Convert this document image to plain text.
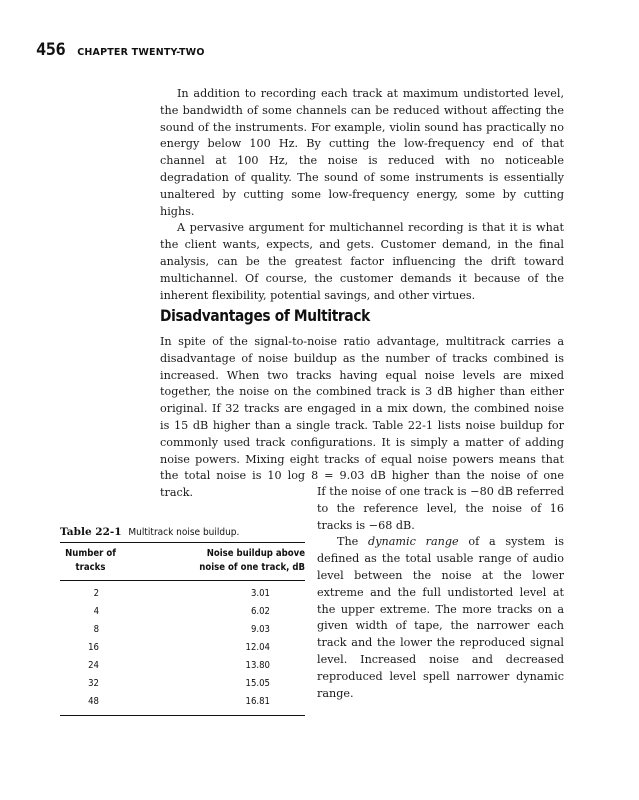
456 CHAPTER TWENTY-TWO

In addition to recording each track at maximum undistorted level, the bandwidth of some channels can be reduced without affecting the sound of the instruments. For example, violin sound has practically no energy below 100 Hz. By cutting the low-frequency end of that channel at 100 Hz, the noise is reduced with no noticeable degradation of quality. The sound of some instruments is essentially unaltered by cutting some low-frequency energy, some by cutting highs.

A pervasive argument for multichannel recording is that it is what the client wants, expects, and gets. Customer demand, in the final analysis, can be the greatest factor influencing the drift toward multichannel. Of course, the customer demands it because of the inherent flexibility, potential savings, and other virtues.

Disadvantages of Multitrack

In spite of the signal-to-noise ratio advantage, multitrack carries a disadvantage of noise buildup as the number of tracks combined is increased. When two tracks having equal noise levels are mixed together, the noise on the combined track is 3 dB higher than either original. If 32 tracks are engaged in a mix down, the combined noise is 15 dB higher than a single track. Table 22-1 lists noise buildup for commonly used track configurations. It is simply a matter of adding noise powers. Mixing eight tracks of equal noise powers means that the total noise is 10 log 8 = 9.03 dB higher than the noise of one track.	If the noise of one track is −80 dB referred to the reference level, the noise of 16 tracks is −68 dB.

The dynamic range of a system is defined as the total usable range of audio level between the noise at the lower extreme and the full undistorted level at the upper extreme. The more tracks on a given width of tape, the narrower each track and the lower the reproduced signal level. Increased noise and decreased reproduced level spell narrower dynamic range.

Table 22-1 Multitrack noise buildup.
Number of
tracks	Noise buildup above
noise of one track, dB

2	3.01
4	6.02
8	9.03
16	12.04
24	13.80
32	15.05
48	16.81
